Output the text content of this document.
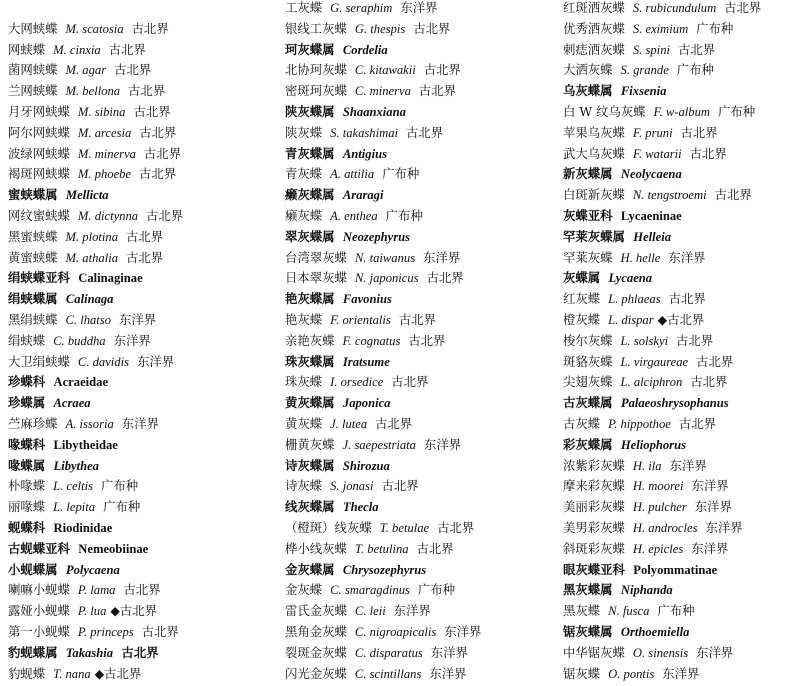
大网蛱蝶 M. scatosia 古北界
网蛱蝶 M. cinxia 古北界
菌网蛱蝶 M. agar 古北界
兰网蛱蝶 M. bellona 古北界
月牙网蛱蝶 M. sibina 古北界
阿尔网蛱蝶 M. arcesia 古北界
波绿网蛱蝶 M. minerva 古北界
褐斑网蛱蝶 M. phoebe 古北界
蜜蛱蝶属 Mellicta
网纹蜜蛱蝶 M. dictynna 古北界
黑蜜蛱蝶 M. plotina 古北界
黄蜜蛱蝶 M. athalia 古北界
绢蛱蝶亚科 Calinaginae
绢蛱蝶属 Calinaga
黑绢蛱蝶 C. lhatso 东洋界
绢蛱蝶 C. buddha 东洋界
大卫绢蛱蝶 C. davidis 东洋界
珍蝶科 Acraeidae
珍蝶属 Acraea
苎麻珍蝶 A. issoria 东洋界
喙蝶科 Libytheidae
喙蝶属 Libythea
朴喙蝶 L. celtis 广布种
丽喙蝶 L. lepita 广布种
蚬蝶科 Riodinidae
古蚬蝶亚科 Nemeobiinae
小蚬蝶属 Polycaena
喇嘛小蚬蝶 P. lama 古北界
露娅小蚬蝶 P. lua ◆古北界
第一小蚬蝶 P. princeps 古北界
豹蚬蝶属 Takashia 古北界
豹蚬蝶 T. nana ◆古北界
工灰蝶 G. seraphim 东洋界
银线工灰蝶 G. thespis 古北界
珂灰蝶属 Cordelia
北协珂灰蝶 C. kitawakii 古北界
密斑珂灰蝶 C. minerva 古北界
陕灰蝶属 Shaanxiana
陕灰蝶 S. takashimai 古北界
青灰蝶属 Antigius
青灰蝶 A. attilia 广布种
癞灰蝶属 Araragi
癞灰蝶 A. enthea 广布种
翠灰蝶属 Neozephyrus
台湾翠灰蝶 N. taiwanus 东洋界
日本翠灰蝶 N. japonicus 古北界
艳灰蝶属 Favonius
艳灰蝶 F. orientalis 古北界
亲艳灰蝶 F. cognatus 古北界
珠灰蝶属 Iratsume
珠灰蝶 I. orsedice 古北界
黄灰蝶属 Japonica
黄灰蝶 J. lutea 古北界
栅黄灰蝶 J. saepestriata 东洋界
诗灰蝶属 Shirozua
诗灰蝶 S. jonasi 古北界
线灰蝶属 Thecla
（橙斑）线灰蝶 T. betulae 古北界
桦小线灰蝶 T. betulina 古北界
金灰蝶属 Chrysozephyrus
金灰蝶 C. smaragdinus 广布种
雷氏金灰蝶 C. leii 东洋界
黑角金灰蝶 C. nigroapicalis 东洋界
裂斑金灰蝶 C. disparatus 东洋界
闪光金灰蝶 C. scintillans 东洋界
红斑洒灰蝶 S. rubicundulum 古北界
优秀洒灰蝶 S. eximium 广布种
刺痣洒灰蝶 S. spini 古北界
大洒灰蝶 S. grande 广布种
乌灰蝶属 Fixsenia
白 W 纹乌灰蝶 F. w-album 广布种
苹果乌灰蝶 F. pruni 古北界
武大乌灰蝶 F. watarii 古北界
新灰蝶属 Neolycaena
白斑新灰蝶 N. tengstroemi 古北界
灰蝶亚科 Lycaeninae
罕莱灰蝶属 Helleia
罕莱灰蝶 H. helle 东洋界
灰蝶属 Lycaena
红灰蝶 L. phlaeas 古北界
橙灰蝶 L. dispar ◆古北界
梭尔灰蝶 L. solskyi 古北界
斑貉灰蝶 L. virgaureae 古北界
尖翅灰蝶 L. alciphron 古北界
古灰蝶属 Palaeoshrysophanus
古灰蝶 P. hippothoe 古北界
彩灰蝶属 Heliophorus
浓紫彩灰蝶 H. ila 东洋界
摩来彩灰蝶 H. moorei 东洋界
美丽彩灰蝶 H. pulcher 东洋界
美男彩灰蝶 H. androcles 东洋界
斜斑彩灰蝶 H. epicles 东洋界
眼灰蝶亚科 Polyommatinae
黑灰蝶属 Niphanda
黑灰蝶 N. fusca 广布种
锯灰蝶属 Orthoemiella
中华锯灰蝶 O. sinensis 东洋界
锯灰蝶 O. pontis 东洋界
